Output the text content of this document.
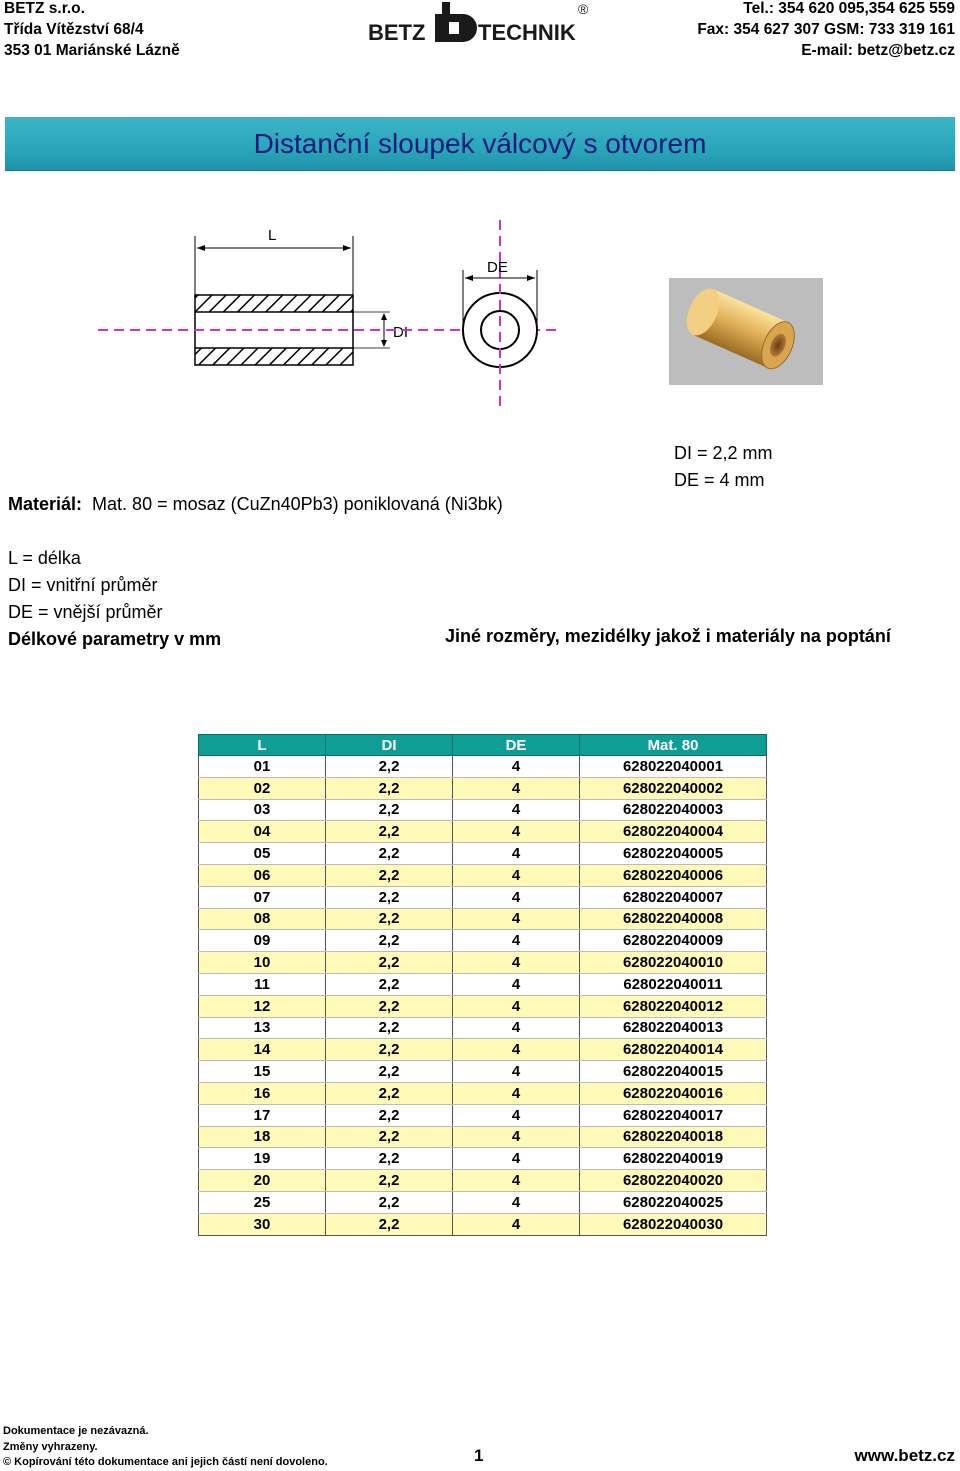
BETZ s.r.o.
Třída Vítězství 68/4
353 01 Mariánské Lázně
BETZ TECHNIK
®	Tel.: 354 620 095,354 625 559
Fax: 354 627 307 GSM: 733 319 161
E-mail: betz@betz.cz
Distanční sloupek válcový s otvorem
L
DI
DE
DI = 2,2 mm
DE = 4 mm
Materiál: Mat. 80 = mosaz (CuZn40Pb3) poniklovaná (Ni3bk)
L = délka
DI = vnitřní průměr
DE = vnější průměr
Délkové parametry v mm	Jiné rozměry, mezidélky jakož i materiály na poptání
L	DI	DE	Mat. 80
01	2,2	4	628022040001
02	2,2	4	628022040002
03	2,2	4	628022040003
04	2,2	4	628022040004
05	2,2	4	628022040005
06	2,2	4	628022040006
07	2,2	4	628022040007
08	2,2	4	628022040008
09	2,2	4	628022040009
10	2,2	4	628022040010
11	2,2	4	628022040011
12	2,2	4	628022040012
13	2,2	4	628022040013
14	2,2	4	628022040014
15	2,2	4	628022040015
16	2,2	4	628022040016
17	2,2	4	628022040017
18	2,2	4	628022040018
19	2,2	4	628022040019
20	2,2	4	628022040020
25	2,2	4	628022040025
30	2,2	4	628022040030
Dokumentace je nezávazná.
Změny vyhrazeny.
© Kopírování této dokumentace ani jejich částí není dovoleno.	1	www.betz.cz
